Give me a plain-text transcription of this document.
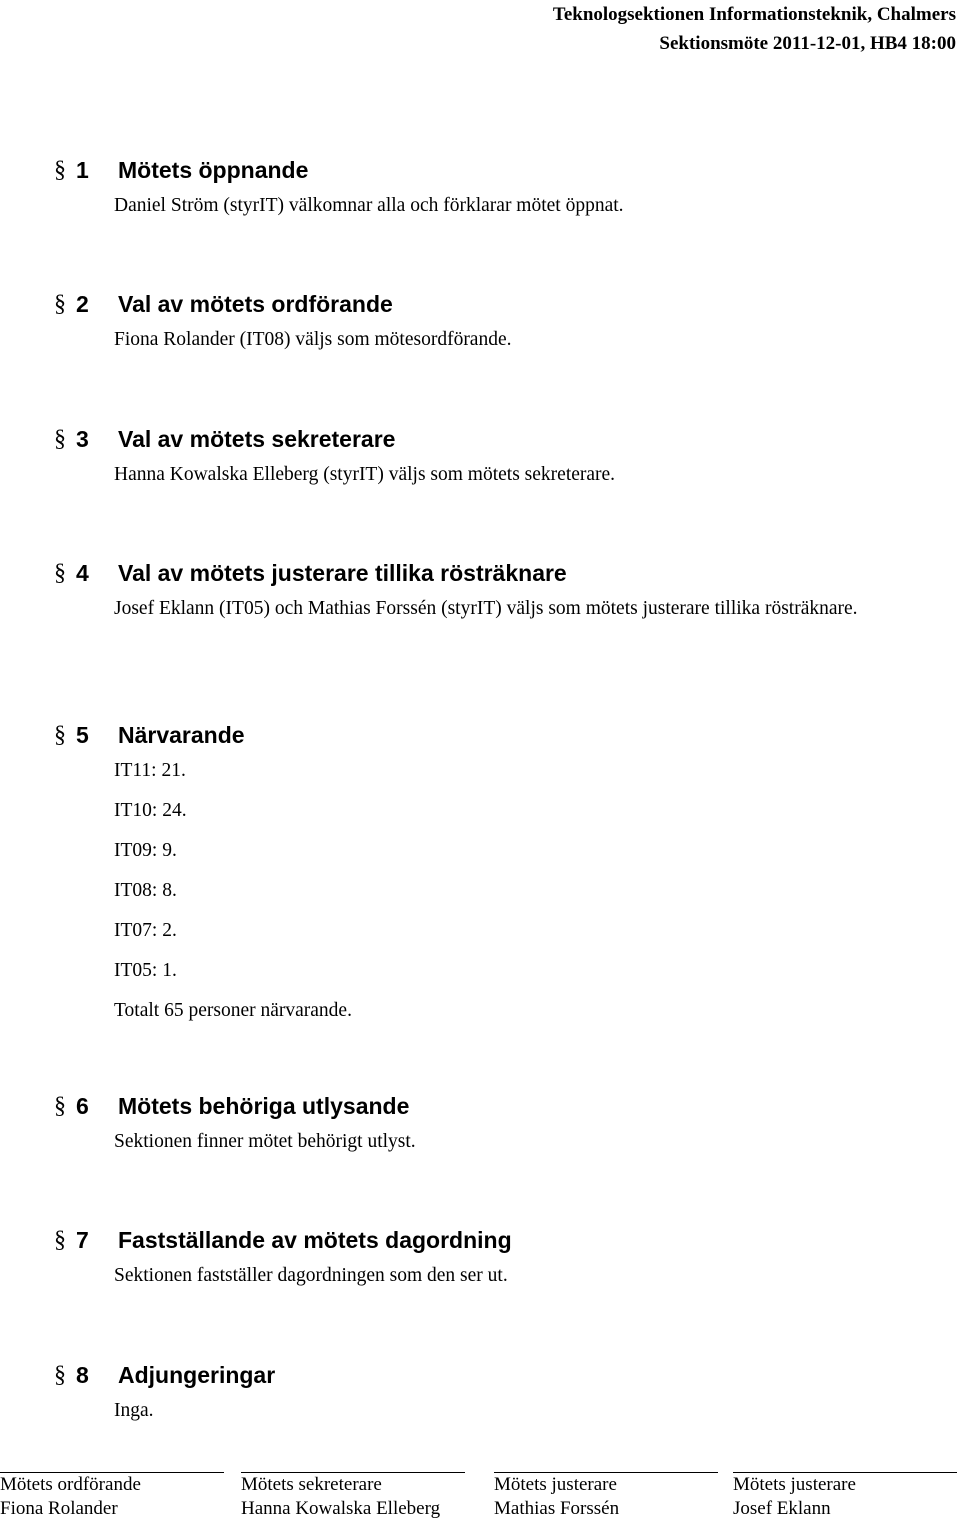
Teknologsektionen Informationsteknik, Chalmers
Sektionsmöte 2011-12-01, HB4 18:00
§ 1 Mötets öppnande
Daniel Ström (styrIT) välkomnar alla och förklarar mötet öppnat.
§ 2 Val av mötets ordförande
Fiona Rolander (IT08) väljs som mötesordförande.
§ 3 Val av mötets sekreterare
Hanna Kowalska Elleberg (styrIT) väljs som mötets sekreterare.
§ 4 Val av mötets justerare tillika rösträknare
Josef Eklann (IT05) och Mathias Forssén (styrIT) väljs som mötets justerare tillika rösträknare.
§ 5 Närvarande
IT11: 21.
IT10: 24.
IT09: 9.
IT08: 8.
IT07: 2.
IT05: 1.
Totalt 65 personer närvarande.
§ 6 Mötets behöriga utlysande
Sektionen finner mötet behörigt utlyst.
§ 7 Fastställande av mötets dagordning
Sektionen fastställer dagordningen som den ser ut.
§ 8 Adjungeringar
Inga.
Mötets ordförande
Fiona Rolander
Mötets sekreterare
Hanna Kowalska Elleberg
Mötets justerare
Mathias Forssén
Mötets justerare
Josef Eklann
